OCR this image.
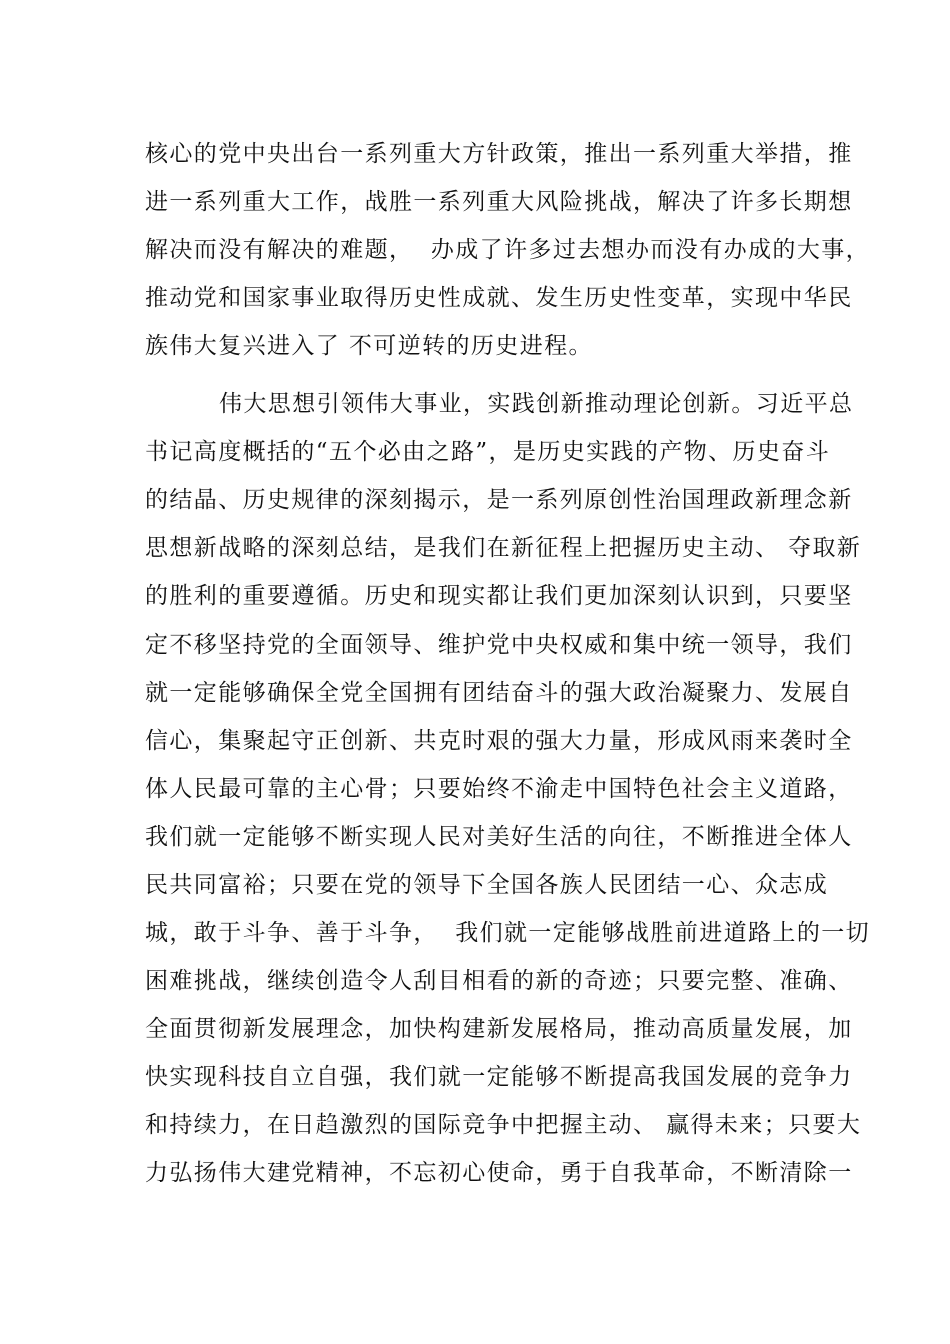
核心的党中央出台一系列重大方针政策，推出一系列重大举措，推
进一系列重大工作，战胜一系列重大风险挑战，解决了许多长期想
解决而没有解决的难题，  办成了许多过去想办而没有办成的大事，
推动党和国家事业取得历史性成就、发生历史性变革，实现中华民
族伟大复兴进入了 不可逆转的历史进程。
伟大思想引领伟大事业，实践创新推动理论创新。习近平总
书记高度概括的“五个必由之路”，是历史实践的产物、历史奋斗
的结晶、历史规律的深刻揭示，是一系列原创性治国理政新理念新
思想新战略的深刻总结，是我们在新征程上把握历史主动、 夺取新
的胜利的重要遵循。历史和现实都让我们更加深刻认识到，只要坚
定不移坚持党的全面领导、维护党中央权威和集中统一领导，我们
就一定能够确保全党全国拥有团结奋斗的强大政治凝聚力、发展自
信心，集聚起守正创新、共克时艰的强大力量，形成风雨来袭时全
体人民最可靠的主心骨；只要始终不渝走中国特色社会主义道路，
我们就一定能够不断实现人民对美好生活的向往，不断推进全体人
民共同富裕；只要在党的领导下全国各族人民团结一心、众志成
城，敢于斗争、善于斗争，  我们就一定能够战胜前进道路上的一切
困难挑战，继续创造令人刮目相看的新的奇迹；只要完整、准确、
全面贯彻新发展理念，加快构建新发展格局，推动高质量发展，加
快实现科技自立自强，我们就一定能够不断提高我国发展的竞争力
和持续力，在日趋激烈的国际竞争中把握主动、 赢得未来；只要大
力弘扬伟大建党精神，不忘初心使命，勇于自我革命，不断清除一
